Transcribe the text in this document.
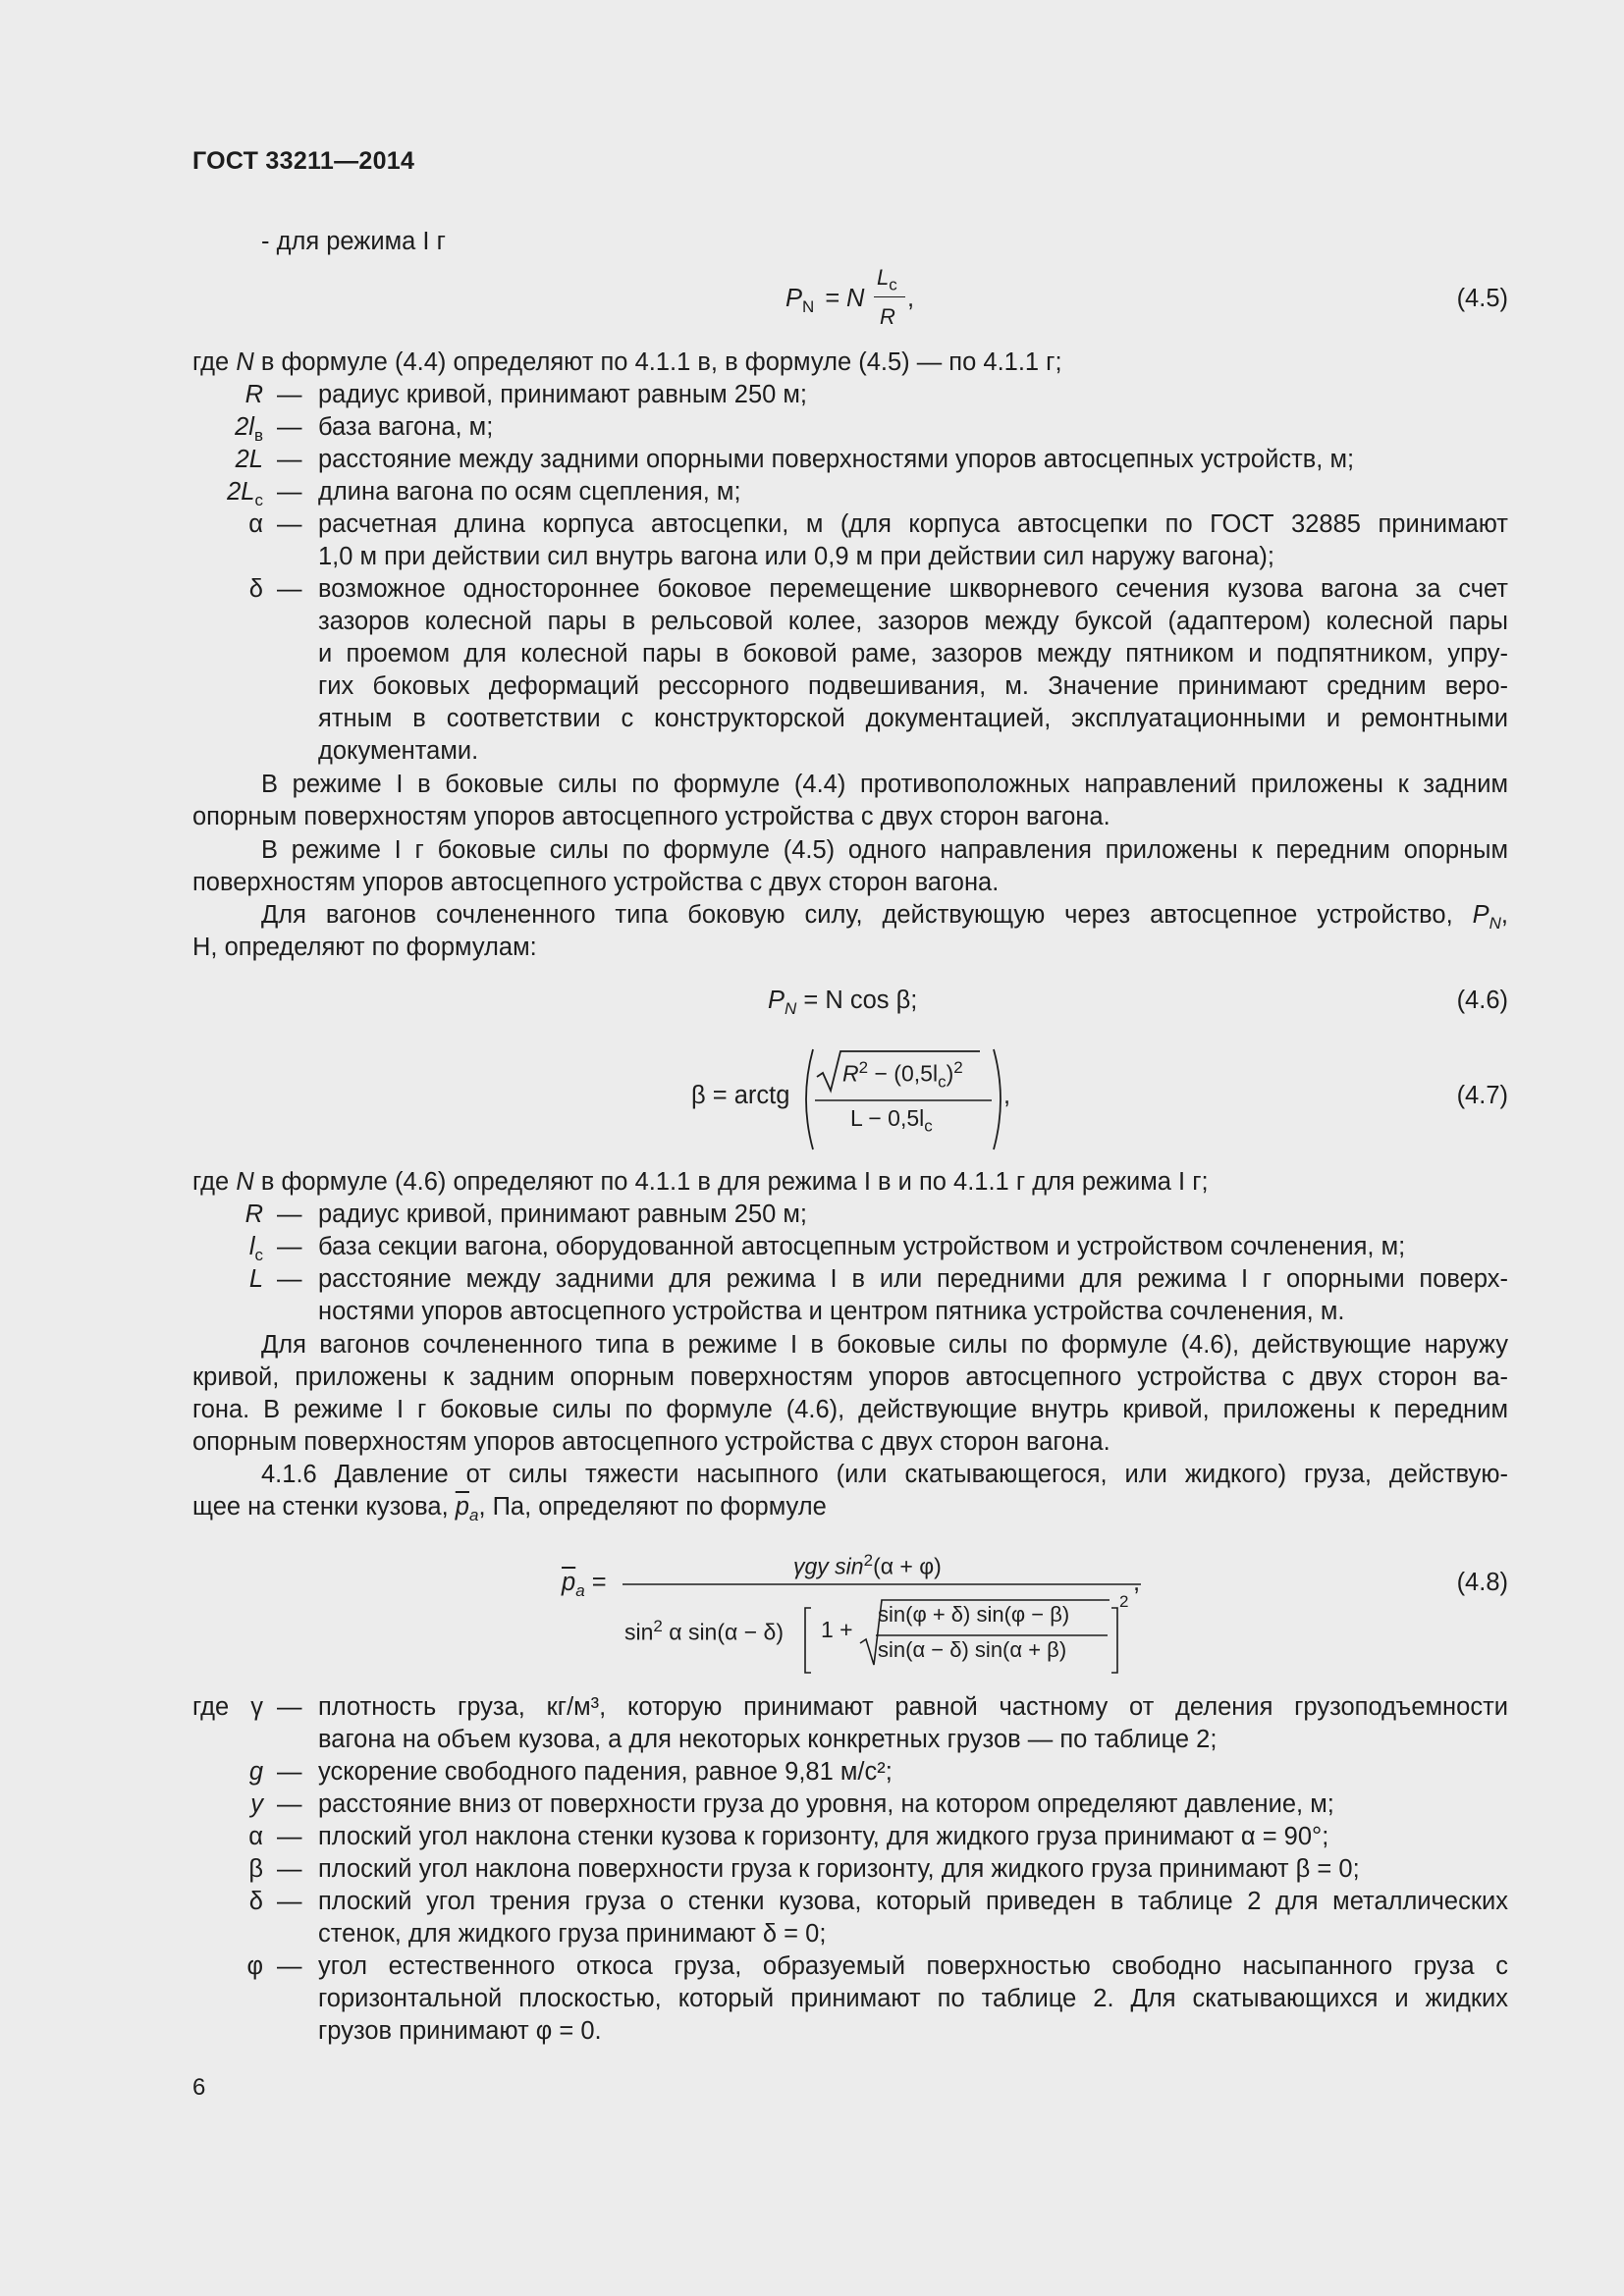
ГОСТ 33211—2014
- для режима I г
$P_N = N$
$L_c$
R
,	(4.5)
где N в формуле (4.4) определяют по 4.1.1 в, в формуле (4.5) — по 4.1.1 г;
R — радиус кривой, принимают равным 250 м;
$2l_в$ — база вагона, м;
2L — расстояние между задними опорными поверхностями упоров автосцепных устройств, м;
$2L_с$ — длина вагона по осям сцепления, м;
α — расчетная длина корпуса автосцепки, м (для корпуса автосцепки по ГОСТ 32885 принимают
1,0 м при действии сил внутрь вагона или 0,9 м при действии сил наружу вагона);
δ — возможное одностороннее боковое перемещение шкворневого сечения кузова вагона за счет
зазоров колесной пары в рельсовой колее, зазоров между буксой (адаптером) колесной пары
и проемом для колесной пары в боковой раме, зазоров между пятником и подпятником, упру-
гих боковых деформаций рессорного подвешивания, м. Значение принимают средним веро-
ятным в соответствии с конструкторской документацией, эксплуатационными и ремонтными
документами.
В режиме I в боковые силы по формуле (4.4) противоположных направлений приложены к задним
опорным поверхностям упоров автосцепного устройства с двух сторон вагона.
В режиме I г боковые силы по формуле (4.5) одного направления приложены к передним опорным
поверхностям упоров автосцепного устройства с двух сторон вагона.
Для вагонов сочлененного типа боковую силу, действующую через автосцепное устройство, $P_N$,
Н, определяют по формулам:
$P_N = N$ cos β;	(4.6)
β = arctg
$R^2 - (0,5l_c)^2$
$L - 0,5l_c$
,	(4.7)
где N в формуле (4.6) определяют по 4.1.1 в для режима I в и по 4.1.1 г для режима I г;
R — радиус кривой, принимают равным 250 м;
$l_с$ — база секции вагона, оборудованной автосцепным устройством и устройством сочленения, м;
L — расстояние между задними для режима I в или передними для режима I г опорными поверх-
ностями упоров автосцепного устройства и центром пятника устройства сочленения, м.
Для вагонов сочлененного типа в режиме I в боковые силы по формуле (4.6), действующие наружу
кривой, приложены к задним опорным поверхностям упоров автосцепного устройства с двух сторон ва-
гона. В режиме I г боковые силы по формуле (4.6), действующие внутрь кривой, приложены к передним
опорным поверхностям упоров автосцепного устройства с двух сторон вагона.
4.1.6 Давление от силы тяжести насыпного (или скатывающегося, или жидкого) груза, действую-
щее на стенки кузова, $\overline{p}_a$, Па, определяют по формуле
$\overline{p}_a$ =
γgy $\sin^2(\alpha + \varphi)$
$\sin^2 \alpha$ sin(α − δ) 1 +
sin(φ + δ) sin(φ − β)
sin(α − δ) sin(α + β)
2
,	(4.8)
где γ — плотность груза, кг/м³, которую принимают равной частному от деления грузоподъемности
вагона на объем кузова, а для некоторых конкретных грузов — по таблице 2;
g — ускорение свободного падения, равное 9,81 м/с²;
y — расстояние вниз от поверхности груза до уровня, на котором определяют давление, м;
α — плоский угол наклона стенки кузова к горизонту, для жидкого груза принимают α = 90°;
β — плоский угол наклона поверхности груза к горизонту, для жидкого груза принимают β = 0;
δ — плоский угол трения груза о стенки кузова, который приведен в таблице 2 для металлических
стенок, для жидкого груза принимают δ = 0;
φ — угол естественного откоса груза, образуемый поверхностью свободно насыпанного груза с
горизонтальной плоскостью, который принимают по таблице 2. Для скатывающихся и жидких
грузов принимают φ = 0.
6
